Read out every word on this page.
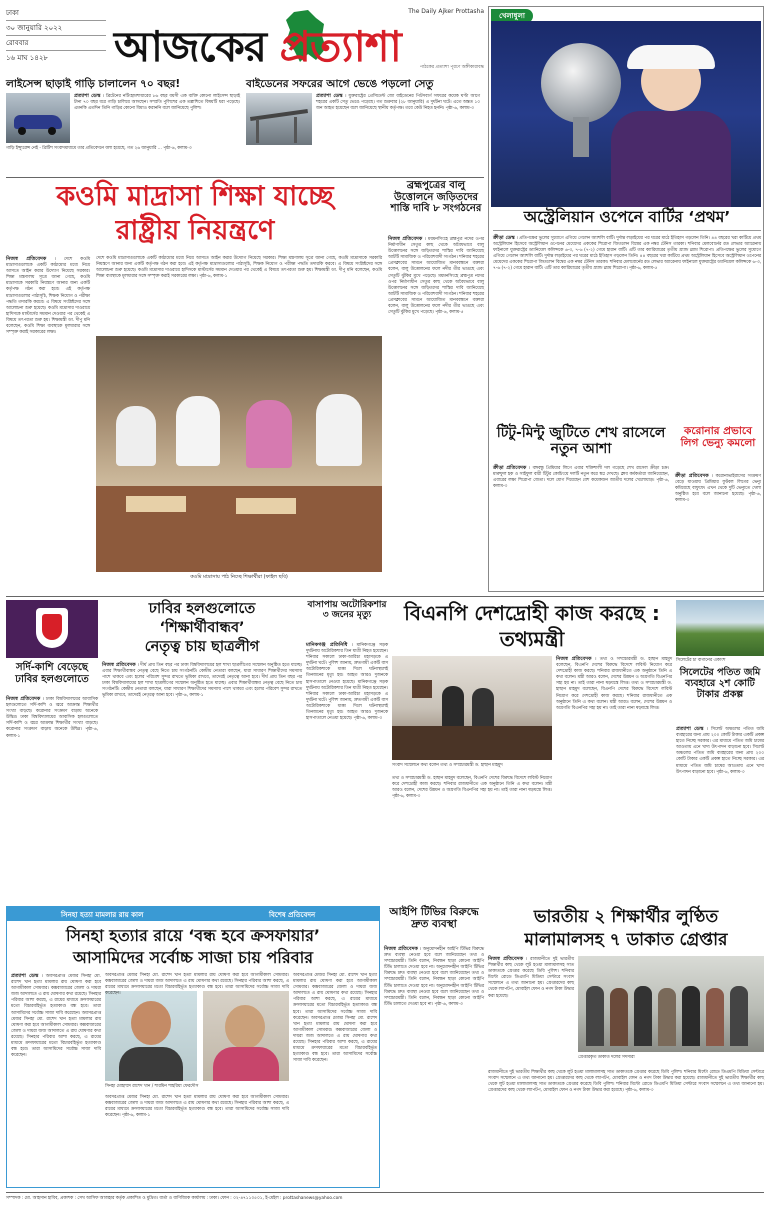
ঢাকা
৩০ জানুয়ারি ২০২২
রোববার
১৬ মাঘ ১৪২৮	আজকের প্রত্যাশা
The Daily Ajker Prottasha
পাঠকের প্রত্যাশা পূরণে অঙ্গীকারাবদ্ধ
লাইসেন্স ছাড়াই গাড়ি চালালেন ৭০ বছর!
প্রত্যাশা ডেস্ক । ব্রিটেনের নটিংহামশায়ারের ৮৬ বছর বয়সী এক ব্যক্তি কোনো লাইসেন্স ছাড়াই টানা ৭০ বছর ধরে গাড়ি চালিয়ে আসছেন। সম্প্রতি পুলিশের এক তল্লাশিতে বিষয়টি ধরা পড়েছে। এমনকি এতদিন তিনি গাড়ির কোনো বিমাও করাননি বলে জানিয়েছে পুলিশ।
গাড়ি ইন্স্যুরেন্স নেই - ব্রিটিশ সংবাদমাধ্যমে তার প্রতিবেদনে বলা হয়েছে, গত ২৬ জানুয়ারি ... পৃষ্ঠা-৬, কলাম-৩
বাইডেনের সফরের আগে ভেঙে পড়লো সেতু
প্রত্যাশা ডেস্ক । যুক্তরাষ্ট্রের প্রেসিডেন্ট জো বাইডেনের পিটসবার্গ সফরের কয়েক ঘণ্টা আগে শহরের একটি সেতু ভেঙে পড়েছে। গত শুক্রবার (২৮ জানুয়ারি) এ দুর্ঘটনা ঘটে। এতে অন্তত ১০ জন আহত হয়েছেন বলে জানিয়েছে স্থানীয় কর্তৃপক্ষ। তবে কেউ নিহত হননি। পৃষ্ঠা-৬, কলাম-৩
কওমি মাদ্রাসা শিক্ষা যাচ্ছে
রাষ্ট্রীয় নিয়ন্ত্রণে
নিজস্ব প্রতিবেদক । দেশে কওমি মাদ্রাসাগুলোকে একটি কাঠামোর মধ্যে নিয়ে আসতে আইন করার উদ্যোগ নিয়েছে সরকার। শিক্ষা মন্ত্রণালয় সূত্রে জানা গেছে, কওমি মাদ্রাসাকে সরকারি নিয়ন্ত্রণে আনার জন্য একটি কর্তৃপক্ষ গঠন করা হবে। এই কর্তৃপক্ষ মাদ্রাসাগুলোর পাঠ্যসূচি, শিক্ষক নিয়োগ ও পরীক্ষা পদ্ধতি তদারকি করবে। এ বিষয়ে সংশ্লিষ্টদের সঙ্গে আলোচনা শুরু হয়েছে। কওমি মাদ্রাসার দাওরায়ে হাদিসকে মাস্টার্সের সমমান দেওয়ার পর থেকেই এ বিষয়ে তৎপরতা শুরু হয়। শিক্ষামন্ত্রী ডা. দীপু মনি বলেছেন, কওমি শিক্ষা ব্যবস্থাকে মূলধারার সঙ্গে সম্পৃক্ত করাই সরকারের লক্ষ্য।
দেশে কওমি মাদ্রাসাগুলোকে একটি কাঠামোর মধ্যে নিয়ে আসতে আইন করার উদ্যোগ নিয়েছে সরকার। শিক্ষা মন্ত্রণালয় সূত্রে জানা গেছে, কওমি মাদ্রাসাকে সরকারি নিয়ন্ত্রণে আনার জন্য একটি কর্তৃপক্ষ গঠন করা হবে। এই কর্তৃপক্ষ মাদ্রাসাগুলোর পাঠ্যসূচি, শিক্ষক নিয়োগ ও পরীক্ষা পদ্ধতি তদারকি করবে। এ বিষয়ে সংশ্লিষ্টদের সঙ্গে আলোচনা শুরু হয়েছে। কওমি মাদ্রাসার দাওরায়ে হাদিসকে মাস্টার্সের সমমান দেওয়ার পর থেকেই এ বিষয়ে তৎপরতা শুরু হয়। শিক্ষামন্ত্রী ডা. দীপু মনি বলেছেন, কওমি শিক্ষা ব্যবস্থাকে মূলধারার সঙ্গে সম্পৃক্ত করাই সরকারের লক্ষ্য। পৃষ্ঠা-৬, কলাম-১
কওমি মাদ্রাসায় পাঠ নিচ্ছে শিক্ষার্থীরা (ফাইল ছবি)
ব্রহ্মপুত্রের বালু উত্তোলনে জড়িতদের শাস্তি দাবি ৮ সংগঠনের
নিজস্ব প্রতিবেদক । ময়মনসিংহে ব্রহ্মপুত্র নদের ওপর নির্মাণাধীন সেতুর কাছ থেকে অবৈধভাবে বালু উত্তোলনের সঙ্গে জড়িতদের শাস্তির দাবি জানিয়েছে আটটি সামাজিক ও পরিবেশবাদী সংগঠন। শনিবার শহরের প্রেসক্লাবের সামনে আয়োজিত মানববন্ধনে বক্তারা বলেন, বালু উত্তোলনের ফলে নদীর তীর ভাঙছে এবং সেতুটি ঝুঁকির মুখে পড়েছে। ময়মনসিংহে ব্রহ্মপুত্র নদের ওপর নির্মাণাধীন সেতুর কাছ থেকে অবৈধভাবে বালু উত্তোলনের সঙ্গে জড়িতদের শাস্তির দাবি জানিয়েছে আটটি সামাজিক ও পরিবেশবাদী সংগঠন। শনিবার শহরের প্রেসক্লাবের সামনে আয়োজিত মানববন্ধনে বক্তারা বলেন, বালু উত্তোলনের ফলে নদীর তীর ভাঙছে এবং সেতুটি ঝুঁকির মুখে পড়েছে। পৃষ্ঠা-৬, কলাম-৫
খেলাধুলা
অস্ট্রেলিয়ান ওপেনে বার্টির ‘প্রথম’
ক্রীড়া ডেস্ক । প্রতিপক্ষের ভুলের সুযোগে এগিয়ে গেলেন অ্যাশলি বার্টি। দুর্দান্ত লড়াইয়ের পর ঘরের মাঠে ইতিহাস গড়লেন তিনি। ৪৪ বছরের খরা কাটিয়ে প্রথম অস্ট্রেলিয়ান হিসেবে অস্ট্রেলিয়ান ওপেনের মেয়েদের এককের শিরোপা জিতলেন বিশ্বের এক নম্বর টেনিস তারকা। শনিবার মেলবোর্নের রড লেভার অ্যারেনায় ফাইনালে যুক্তরাষ্ট্রের ড্যানিয়েল কলিন্সকে ৬-৩, ৭-৬ (৭-২) গেমে হারান বার্টি। এটি তার ক্যারিয়ারের তৃতীয় গ্র্যান্ড স্ল্যাম শিরোপা। প্রতিপক্ষের ভুলের সুযোগে এগিয়ে গেলেন অ্যাশলি বার্টি। দুর্দান্ত লড়াইয়ের পর ঘরের মাঠে ইতিহাস গড়লেন তিনি। ৪৪ বছরের খরা কাটিয়ে প্রথম অস্ট্রেলিয়ান হিসেবে অস্ট্রেলিয়ান ওপেনের মেয়েদের এককের শিরোপা জিতলেন বিশ্বের এক নম্বর টেনিস তারকা। শনিবার মেলবোর্নের রড লেভার অ্যারেনায় ফাইনালে যুক্তরাষ্ট্রের ড্যানিয়েল কলিন্সকে ৬-৩, ৭-৬ (৭-২) গেমে হারান বার্টি। এটি তার ক্যারিয়ারের তৃতীয় গ্র্যান্ড স্ল্যাম শিরোপা। পৃষ্ঠা-৬, কলাম-৫
টিটু-মিন্টু জুটিতে শেখ রাসেলে নতুন আশা
ক্রীড়া প্রতিবেদক । বঙ্গবন্ধু প্রিমিয়ার লিগে এবার শক্তিশালী দল গড়েছে শেখ রাসেল ক্রীড়া চক্র। মারুফুল হক ও সাইফুল বারী টিটুর কোচিংয়ে দলটি নতুন করে স্বপ্ন দেখছে। ক্লাব কর্মকর্তারা জানিয়েছেন, এবারের লক্ষ্য শিরোপা জেতা। দলে যোগ দিয়েছেন বেশ কয়েকজন জাতীয় দলের খেলোয়াড়। পৃষ্ঠা-৬, কলাম-৩
করোনার প্রভাবে লিগ ভেন্যু কমলো
ক্রীড়া প্রতিবেদক । করোনাভাইরাসের সংক্রমণ বেড়ে যাওয়ায় প্রিমিয়ার ফুটবল লিগের ভেন্যু কমিয়েছে বাফুফে। এখন থেকে দুটি ভেন্যুতে খেলা অনুষ্ঠিত হবে বলে জানানো হয়েছে। পৃষ্ঠা-৬, কলাম-৩
সর্দি-কাশি বেড়েছে ঢাবির হলগুলোতে
নিজস্ব প্রতিবেদক । ঢাকা বিশ্ববিদ্যালয়ের আবাসিক হলগুলোতে সর্দি-কাশি ও জ্বরে আক্রান্ত শিক্ষার্থীর সংখ্যা বাড়ছে। করোনার সংক্রমণ বাড়ায় অনেকে উদ্বিগ্ন। ঢাকা বিশ্ববিদ্যালয়ের আবাসিক হলগুলোতে সর্দি-কাশি ও জ্বরে আক্রান্ত শিক্ষার্থীর সংখ্যা বাড়ছে। করোনার সংক্রমণ বাড়ায় অনেকে উদ্বিগ্ন। পৃষ্ঠা-৬, কলাম-১
ঢাবির হলগুলোতে
‘শিক্ষার্থীবান্ধব’
নেতৃত্ব চায় ছাত্রলীগ
নিজস্ব প্রতিবেদক । দীর্ঘ প্রায় তিন বছর পর ঢাকা বিশ্ববিদ্যালয়ের হল শাখা ছাত্রলীগের সম্মেলন অনুষ্ঠিত হতে যাচ্ছে। এবার শিক্ষার্থীবান্ধব নেতৃত্ব বেছে নিতে চায় সংগঠনটি। কেন্দ্রীয় নেতারা বলছেন, যারা সাধারণ শিক্ষার্থীদের সমস্যায় পাশে থাকবে এবং হলের পরিবেশ সুন্দর রাখতে ভূমিকা রাখবে, তাদেরই নেতৃত্বে আনা হবে। দীর্ঘ প্রায় তিন বছর পর ঢাকা বিশ্ববিদ্যালয়ের হল শাখা ছাত্রলীগের সম্মেলন অনুষ্ঠিত হতে যাচ্ছে। এবার শিক্ষার্থীবান্ধব নেতৃত্ব বেছে নিতে চায় সংগঠনটি। কেন্দ্রীয় নেতারা বলছেন, যারা সাধারণ শিক্ষার্থীদের সমস্যায় পাশে থাকবে এবং হলের পরিবেশ সুন্দর রাখতে ভূমিকা রাখবে, তাদেরই নেতৃত্বে আনা হবে। পৃষ্ঠা-৬, কলাম-১
বাসাপায় অটোরিকশার ৩ জনের মৃত্যু
মানিকগঞ্জ প্রতিনিধি । মানিকগঞ্জে সড়ক দুর্ঘটনায় অটোরিকশার তিন যাত্রী নিহত হয়েছেন। শনিবার সকালে ঢাকা-আরিচা মহাসড়কে এ দুর্ঘটনা ঘটে। পুলিশ জানায়, দ্রুতগামী একটি বাস অটোরিকশাকে ধাক্কা দিলে ঘটনাস্থলেই তিনজনের মৃত্যু হয়। আহত আরও দুজনকে হাসপাতালে নেওয়া হয়েছে। মানিকগঞ্জে সড়ক দুর্ঘটনায় অটোরিকশার তিন যাত্রী নিহত হয়েছেন। শনিবার সকালে ঢাকা-আরিচা মহাসড়কে এ দুর্ঘটনা ঘটে। পুলিশ জানায়, দ্রুতগামী একটি বাস অটোরিকশাকে ধাক্কা দিলে ঘটনাস্থলেই তিনজনের মৃত্যু হয়। আহত আরও দুজনকে হাসপাতালে নেওয়া হয়েছে। পৃষ্ঠা-৬, কলাম-৩
বিএনপি দেশদ্রোহী কাজ করছে : তথ্যমন্ত্রী
সংবাদ সম্মেলনে কথা বলেন তথ্য ও সম্প্রচারমন্ত্রী ড. হাছান মাহমুদ
নিজস্ব প্রতিবেদক । তথ্য ও সম্প্রচারমন্ত্রী ড. হাছান মাহমুদ বলেছেন, বিএনপি দেশের বিরুদ্ধে বিদেশে লবিস্ট নিয়োগ করে দেশদ্রোহী কাজ করছে। শনিবার রাজধানীতে এক অনুষ্ঠানে তিনি এ কথা বলেন। মন্ত্রী আরও বলেন, দেশের উন্নয়ন ও অগ্রগতি বিএনপির সহ্য হয় না। তাই তারা নানা ষড়যন্ত্রে লিপ্ত। তথ্য ও সম্প্রচারমন্ত্রী ড. হাছান মাহমুদ বলেছেন, বিএনপি দেশের বিরুদ্ধে বিদেশে লবিস্ট নিয়োগ করে দেশদ্রোহী কাজ করছে। শনিবার রাজধানীতে এক অনুষ্ঠানে তিনি এ কথা বলেন। মন্ত্রী আরও বলেন, দেশের উন্নয়ন ও অগ্রগতি বিএনপির সহ্য হয় না। তাই তারা নানা ষড়যন্ত্রে লিপ্ত।
তথ্য ও সম্প্রচারমন্ত্রী ড. হাছান মাহমুদ বলেছেন, বিএনপি দেশের বিরুদ্ধে বিদেশে লবিস্ট নিয়োগ করে দেশদ্রোহী কাজ করছে। শনিবার রাজধানীতে এক অনুষ্ঠানে তিনি এ কথা বলেন। মন্ত্রী আরও বলেন, দেশের উন্নয়ন ও অগ্রগতি বিএনপির সহ্য হয় না। তাই তারা নানা ষড়যন্ত্রে লিপ্ত। পৃষ্ঠা-৬, কলাম-৩
সিলেটের চা বাগানের একাংশ
সিলেটের পতিত জমি ব্যবহারে ২শ কোটি টাকার প্রকল্প
প্রত্যাশা ডেস্ক । সিলেট অঞ্চলের পতিত জমি ব্যবহারের জন্য প্রায় ২০০ কোটি টাকার একটি প্রকল্প হাতে নিচ্ছে সরকার। এর মাধ্যমে পতিত জমি চাষের আওতায় এনে খাদ্য উৎপাদন বাড়ানো হবে। সিলেট অঞ্চলের পতিত জমি ব্যবহারের জন্য প্রায় ২০০ কোটি টাকার একটি প্রকল্প হাতে নিচ্ছে সরকার। এর মাধ্যমে পতিত জমি চাষের আওতায় এনে খাদ্য উৎপাদন বাড়ানো হবে। পৃষ্ঠা-৬, কলাম-৩
সিনহা হত্যা মামলার রায় কাল	বিশেষ প্রতিবেদন
সিনহা হত্যার রায়ে ‘বন্ধ হবে ক্রসফায়ার’
আসামিদের সর্বোচ্চ সাজা চায় পরিবার
প্রত্যাশা ডেস্ক । অবসরপ্রাপ্ত মেজর সিনহা মো. রাশেদ খান হত্যা মামলার রায় ঘোষণা করা হবে আগামীকাল সোমবার। কক্সবাজারের জেলা ও দায়রা জজ আদালতে এ রায় ঘোষণার কথা রয়েছে। সিনহার পরিবার আশা করছে, এ রায়ের মাধ্যমে ক্রসফায়ারের মতো বিচারবহির্ভূত হত্যাকাণ্ড বন্ধ হবে। তারা আসামিদের সর্বোচ্চ সাজা দাবি করেছেন। অবসরপ্রাপ্ত মেজর সিনহা মো. রাশেদ খান হত্যা মামলার রায় ঘোষণা করা হবে আগামীকাল সোমবার। কক্সবাজারের জেলা ও দায়রা জজ আদালতে এ রায় ঘোষণার কথা রয়েছে। সিনহার পরিবার আশা করছে, এ রায়ের মাধ্যমে ক্রসফায়ারের মতো বিচারবহির্ভূত হত্যাকাণ্ড বন্ধ হবে। তারা আসামিদের সর্বোচ্চ সাজা দাবি করেছেন।
সিনহা মোহাম্মদ রাশেদ খান / শারমিন শাহরিয়া ফেরদৌস
অবসরপ্রাপ্ত মেজর সিনহা মো. রাশেদ খান হত্যা মামলার রায় ঘোষণা করা হবে আগামীকাল সোমবার। কক্সবাজারের জেলা ও দায়রা জজ আদালতে এ রায় ঘোষণার কথা রয়েছে। সিনহার পরিবার আশা করছে, এ রায়ের মাধ্যমে ক্রসফায়ারের মতো বিচারবহির্ভূত হত্যাকাণ্ড বন্ধ হবে। তারা আসামিদের সর্বোচ্চ সাজা দাবি করেছেন।
অবসরপ্রাপ্ত মেজর সিনহা মো. রাশেদ খান হত্যা মামলার রায় ঘোষণা করা হবে আগামীকাল সোমবার। কক্সবাজারের জেলা ও দায়রা জজ আদালতে এ রায় ঘোষণার কথা রয়েছে। সিনহার পরিবার আশা করছে, এ রায়ের মাধ্যমে ক্রসফায়ারের মতো বিচারবহির্ভূত হত্যাকাণ্ড বন্ধ হবে। তারা আসামিদের সর্বোচ্চ সাজা দাবি করেছেন। পৃষ্ঠা-৬, কলাম-১
অবসরপ্রাপ্ত মেজর সিনহা মো. রাশেদ খান হত্যা মামলার রায় ঘোষণা করা হবে আগামীকাল সোমবার। কক্সবাজারের জেলা ও দায়রা জজ আদালতে এ রায় ঘোষণার কথা রয়েছে। সিনহার পরিবার আশা করছে, এ রায়ের মাধ্যমে ক্রসফায়ারের মতো বিচারবহির্ভূত হত্যাকাণ্ড বন্ধ হবে। তারা আসামিদের সর্বোচ্চ সাজা দাবি করেছেন। অবসরপ্রাপ্ত মেজর সিনহা মো. রাশেদ খান হত্যা মামলার রায় ঘোষণা করা হবে আগামীকাল সোমবার। কক্সবাজারের জেলা ও দায়রা জজ আদালতে এ রায় ঘোষণার কথা রয়েছে। সিনহার পরিবার আশা করছে, এ রায়ের মাধ্যমে ক্রসফায়ারের মতো বিচারবহির্ভূত হত্যাকাণ্ড বন্ধ হবে। তারা আসামিদের সর্বোচ্চ সাজা দাবি করেছেন।
আইপি টিভির বিরুদ্ধে দ্রুত ব্যবস্থা
নিজস্ব প্রতিবেদক । অনুমোদনহীন আইপি টিভির বিরুদ্ধে দ্রুত ব্যবস্থা নেওয়া হবে বলে জানিয়েছেন তথ্য ও সম্প্রচারমন্ত্রী। তিনি বলেন, নিবন্ধন ছাড়া কোনো আইপি টিভি চালাতে দেওয়া হবে না। অনুমোদনহীন আইপি টিভির বিরুদ্ধে দ্রুত ব্যবস্থা নেওয়া হবে বলে জানিয়েছেন তথ্য ও সম্প্রচারমন্ত্রী। তিনি বলেন, নিবন্ধন ছাড়া কোনো আইপি টিভি চালাতে দেওয়া হবে না। অনুমোদনহীন আইপি টিভির বিরুদ্ধে দ্রুত ব্যবস্থা নেওয়া হবে বলে জানিয়েছেন তথ্য ও সম্প্রচারমন্ত্রী। তিনি বলেন, নিবন্ধন ছাড়া কোনো আইপি টিভি চালাতে দেওয়া হবে না। পৃষ্ঠা-৬, কলাম-৩
ভারতীয় ২ শিক্ষার্থীর লুণ্ঠিত
মালামালসহ ৭ ডাকাত গ্রেপ্তার
নিজস্ব প্রতিবেদক । রাজধানীতে দুই ভারতীয় শিক্ষার্থীর কাছ থেকে লুট হওয়া মালামালসহ সাত ডাকাতকে গ্রেপ্তার করেছে ডিবি পুলিশ। শনিবার মিন্টো রোডে ডিএমপি মিডিয়া সেন্টারে সংবাদ সম্মেলনে এ তথ্য জানানো হয়। গ্রেপ্তারদের কাছ থেকে ল্যাপটপ, মোবাইল ফোন ও নগদ টাকা উদ্ধার করা হয়েছে।
গ্রেপ্তারকৃত ডাকাত দলের সদস্যরা
রাজধানীতে দুই ভারতীয় শিক্ষার্থীর কাছ থেকে লুট হওয়া মালামালসহ সাত ডাকাতকে গ্রেপ্তার করেছে ডিবি পুলিশ। শনিবার মিন্টো রোডে ডিএমপি মিডিয়া সেন্টারে সংবাদ সম্মেলনে এ তথ্য জানানো হয়। গ্রেপ্তারদের কাছ থেকে ল্যাপটপ, মোবাইল ফোন ও নগদ টাকা উদ্ধার করা হয়েছে। রাজধানীতে দুই ভারতীয় শিক্ষার্থীর কাছ থেকে লুট হওয়া মালামালসহ সাত ডাকাতকে গ্রেপ্তার করেছে ডিবি পুলিশ। শনিবার মিন্টো রোডে ডিএমপি মিডিয়া সেন্টারে সংবাদ সম্মেলনে এ তথ্য জানানো হয়। গ্রেপ্তারদের কাছ থেকে ল্যাপটপ, মোবাইল ফোন ও নগদ টাকা উদ্ধার করা হয়েছে। পৃষ্ঠা-৬, কলাম-৩
সম্পাদক : মো. আহসান হাবিব, প্রকাশক : সেখ আসিফ আজহার কর্তৃক প্রকাশিত ও মুদ্রিত। বার্তা ও বাণিজ্যিক কার্যালয় : ঢাকা। ফোন : ০২-৪৭১১০৫০১, ই-মেইল : prottashanews@yahoo.com
